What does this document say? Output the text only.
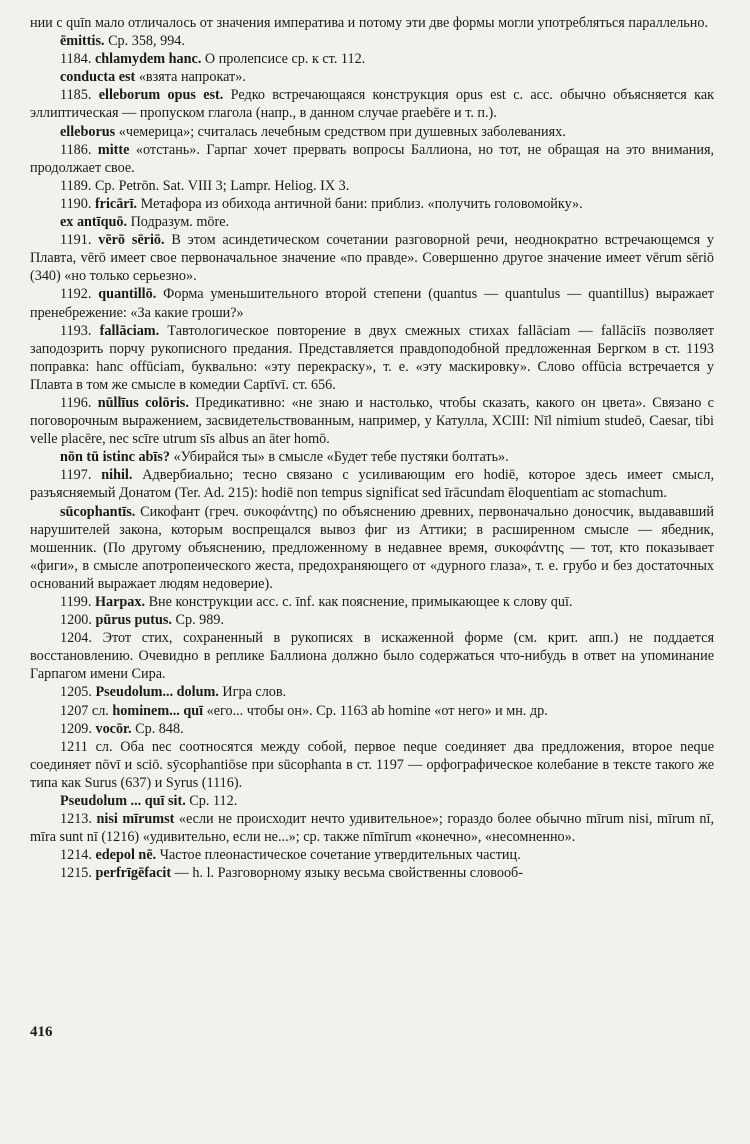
нии с quīn мало отличалось от значения императива и потому эти две формы могли употребляться параллельно.

ēmittis. Ср. 358, 994.

1184. chlamydem hanc. О пролепсисе ср. к ст. 112.

conducta est «взята напрокат».

1185. elleborum opus est. Редко встречающаяся конструкция opus est c. acc. обычно объясняется как эллиптическая — пропуском глагола (напр., в данном случае praebēre и т. п.).

elleborus «чемерица»; считалась лечебным средством при душевных заболеваниях.

1186. mitte «отстань». Гарпаг хочет прервать вопросы Баллиона, но тот, не обращая на это внимания, продолжает свое.

1189. Ср. Petrōn. Sat. VIII 3; Lampr. Heliog. IX 3.

1190. fricārī. Метафора из обихода античной бани: приблиз. «получить головомойку».

ex antīquō. Подразум. mōre.

1191. vērō sēriō. В этом асиндетическом сочетании разговорной речи, неоднократно встречающемся у Плавта, vērō имеет свое первоначальное значение «по правде». Совершенно другое значение имеет vērum sēriō (340) «но только серьезно».

1192. quantillō. Форма уменьшительного второй степени (quantus — quantulus — quantillus) выражает пренебрежение: «За какие гроши?»

1193. fallāciam. Тавтологическое повторение в двух смежных стихах fallāciam — fallāciīs позволяет заподозрить порчу рукописного предания. Представляется правдоподобной предложенная Бергком в ст. 1193 поправка: hanc offūciam, буквально: «эту перекраску», т. е. «эту маскировку». Слово offūcia встречается у Плавта в том же смысле в комедии Captīvī. ст. 656.

1196. nūllīus colōris. Предикативно: «не знаю и настолько, чтобы сказать, какого он цвета». Связано с поговорочным выражением, засвидетельствованным, например, у Катулла, XCIII: Nīl nimium studeō, Caesar, tibi velle placēre, nec scīre utrum sīs albus an āter homō.

nōn tū istinc abīs? «Убирайся ты» в смысле «Будет тебе пустяки болтать».

1197. nihil. Адвербиально; тесно связано с усиливающим его hodiē, которое здесь имеет смысл, разъясняемый Донатом (Ter. Ad. 215): hodiē non tempus significat sed īrācundam ēloquentiam ac stomachum.

sūcophantīs. Сикофант (греч. συκοφάντης) по объяснению древних, первоначально доносчик, выдававший нарушителей закона, которым воспрещался вывоз фиг из Аттики; в расширенном смысле — ябедник, мошенник. (По другому объяснению, предложенному в недавнее время, συκοφάντης — тот, кто показывает «фиги», в смысле апотропеического жеста, предохраняющего от «дурного глаза», т. е. грубо и без достаточных оснований выражает людям недоверие).

1199. Harpax. Вне конструкции acc. c. īnf. как пояснение, примыкающее к слову quī.

1200. pūrus putus. Ср. 989.

1204. Этот стих, сохраненный в рукописях в искаженной форме (см. крит. апп.) не поддается восстановлению. Очевидно в реплике Баллиона должно было содержаться что-нибудь в ответ на упоминание Гарпагом имени Сира.

1205. Pseudolum... dolum. Игра слов.

1207 сл. hominem... quī «его... чтобы он». Ср. 1163 ab homine «от него» и мн. др.

1209. vocōr. Ср. 848.

1211 сл. Оба nec соотносятся между собой, первое neque соединяет два предложения, второе neque соединяет nōvī и sciō. sȳcophantiōse при sūcophanta в ст. 1197 — орфографическое колебание в тексте такого же типа как Surus (637) и Syrus (1116).

Pseudolum ... quī sit. Ср. 112.

1213. nisi mīrumst «если не происходит нечто удивительное»; гораздо более обычно mīrum nisi, mīrum nī, mīra sunt nī (1216) «удивительно, если не...»; ср. также nīmīrum «конечно», «несомненно».

1214. edepol nē. Частое плеонастическое сочетание утвердительных частиц.

1215. perfrīgēfacit — h. l. Разговорному языку весьма свойственны словооб-

416
